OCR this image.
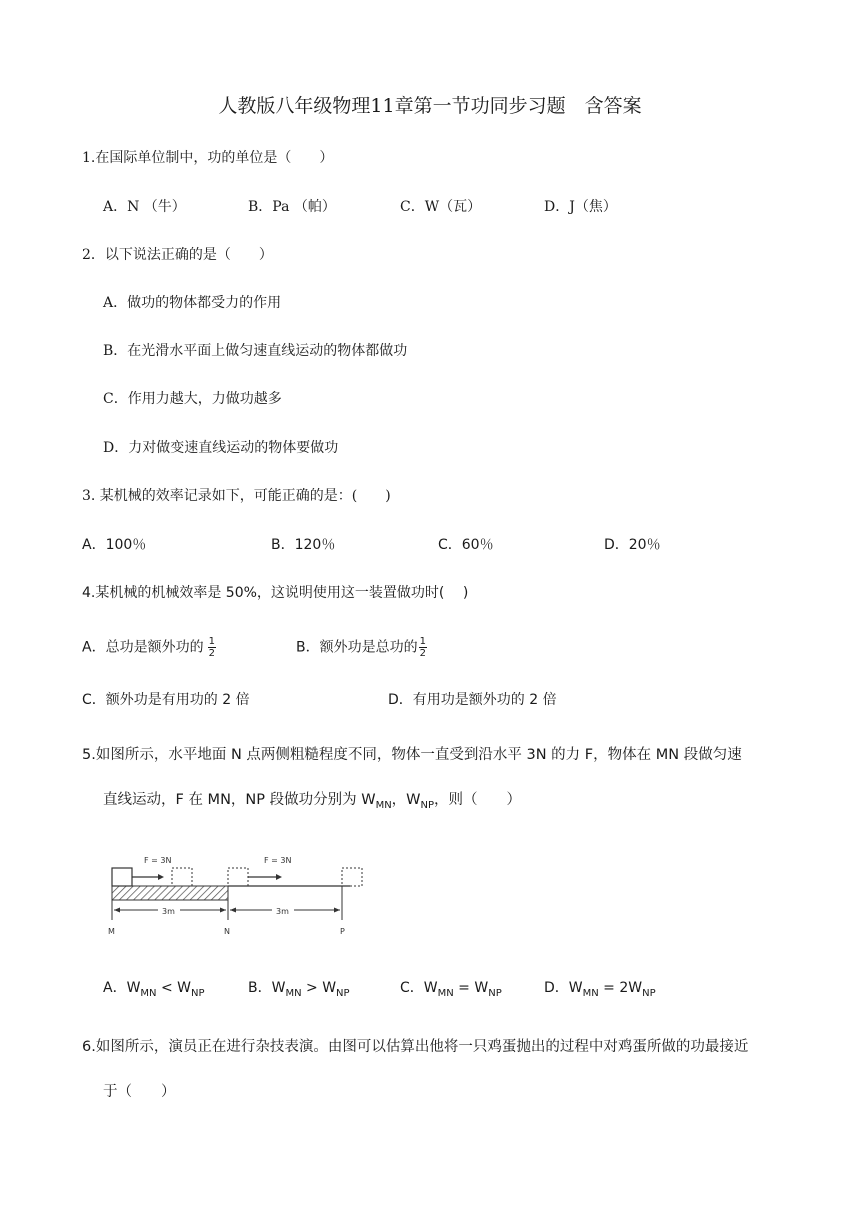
人教版八年级物理11章第一节功同步习题　含答案
1.在国际单位制中，功的单位是（　　）
A．N （牛）	B．Pa （帕）	C．W（瓦）	D．J（焦）
2．以下说法正确的是（　　）
A．做功的物体都受力的作用
B．在光滑水平面上做匀速直线运动的物体都做功
C．作用力越大，力做功越多
D．力对做变速直线运动的物体要做功
3. 某机械的效率记录如下，可能正确的是：(　　)
A．100％	B．120％	C．60％	D．20％
4.某机械的机械效率是 50%，这说明使用这一装置做功时(　 )
A．总功是额外功的 $\frac{1}{2}$	B．额外功是总功的 $\frac{1}{2}$
C．额外功是有用功的 2 倍	D．有用功是额外功的 2 倍
5.如图所示，水平地面 N 点两侧粗糙程度不同，物体一直受到沿水平 3N 的力 F，物体在 MN 段做匀速
直线运动，F 在 MN，NP 段做功分别为 $W_{MN}$，$W_{NP}$，则（　　）
F = 3N	F = 3N
3m	3m
M	N	P
A．$W_{MN} < W_{NP}$	B．$W_{MN} > W_{NP}$	C．$W_{MN} = W_{NP}$	D．$W_{MN} = 2W_{NP}$
6.如图所示，演员正在进行杂技表演。由图可以估算出他将一只鸡蛋抛出的过程中对鸡蛋所做的功最接近
于（　　）
